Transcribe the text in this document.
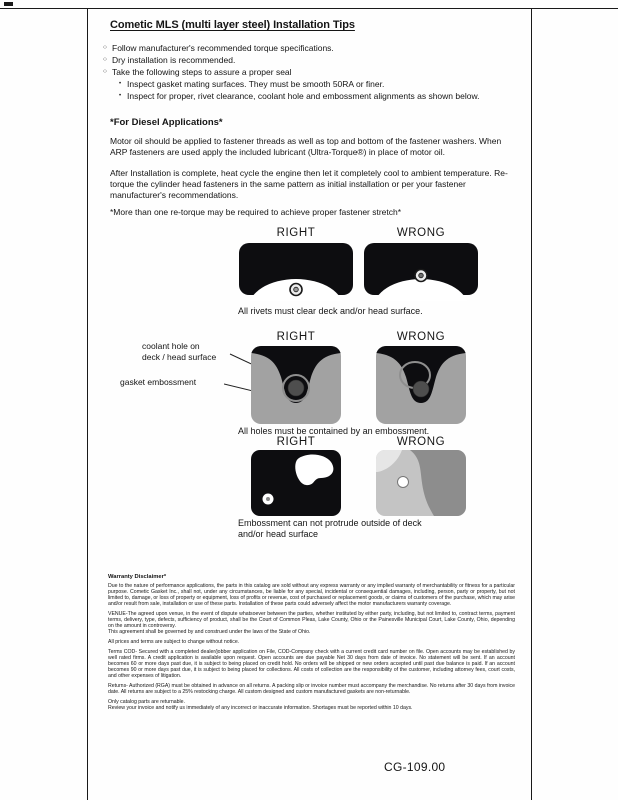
Cometic MLS (multi layer steel) Installation Tips
○ Follow manufacturer's recommended torque specifications.
○ Dry installation is recommended.
○ Take the following steps to assure a proper seal
• Inspect gasket mating surfaces. They must be smooth 50RA or finer.
• Inspect for proper, rivet clearance, coolant hole and embossment alignments as shown below.
*For Diesel Applications*

Motor oil should be applied to fastener threads as well as top and bottom of the fastener washers. When ARP fasteners are used apply the included lubricant (Ultra-Torque®) in place of motor oil.

After Installation is complete, heat cycle the engine then let it completely cool to ambient temperature. Re-torque the cylinder head fasteners in the same pattern as initial installation or per your fastener manufacturer's recommendations.

*More than one re-torque may be required to achieve proper fastener stretch*

RIGHT	WRONG
All rivets must clear deck and/or head surface.
RIGHT	WRONG
coolant hole on
deck / head surface
gasket embossment
All holes must be contained by an embossment.
RIGHT	WRONG
Embossment can not protrude outside of deck and/or head surface
Warranty Disclaimer*

Due to the nature of performance applications, the parts in this catalog are sold without any express warranty or any implied warranty of merchantability or fitness for a particular purpose. Cometic Gasket Inc., shall not, under any circumstances, be liable for any special, incidental or consequential damages, including, person, party or property, but not limited to, damage, or loss of property or equipment, loss of profits or revenue, cost of purchased or replacement goods, or claims of customers of the purchase, which may arise and/or result from sale, installation or use of these parts. Installation of these parts could adversely affect the motor manufacturers warranty coverage.

VENUE-The agreed upon venue, in the event of dispute whatsoever between the parties, whether instituted by either party, including, but not limited to, contract terms, payment terms, delivery, type, defects, sufficiency of product, shall be the Court of Common Pleas, Lake County, Ohio or the Painesville Municipal Court, Lake County, Ohio, depending on the amount in controversy.

This agreement shall be governed by and construed under the laws of the State of Ohio.

All prices and terms are subject to change without notice.

Terms COD- Secured with a completed dealer/jobber application on File, COD-Company check with a current credit card number on file. Open accounts may be established by well rated firms. A credit application is available upon request. Open accounts are due payable Net 30 days from date of invoice. No statement will be sent. If an account becomes 60 or more days past due, it is subject to being placed on credit hold. No orders will be shipped or new orders accepted until past due balance is paid. If an account becomes 90 or more days past due, it is subject to being placed for collections. All costs of collection are the responsibility of the customer, including attorney fees, court costs, and other expenses of litigation.

Returns- Authorized (RGA) must be obtained in advance on all returns. A packing slip or invoice number must accompany the merchandise. No returns after 30 days from invoice date. All returns are subject to a 25% restocking charge. All custom designed and custom manufactured gaskets are non-returnable.

Only catalog parts are returnable.

Review your invoice and notify us immediately of any incorrect or inaccurate information. Shortages must be reported within 10 days.

CG-109.00
